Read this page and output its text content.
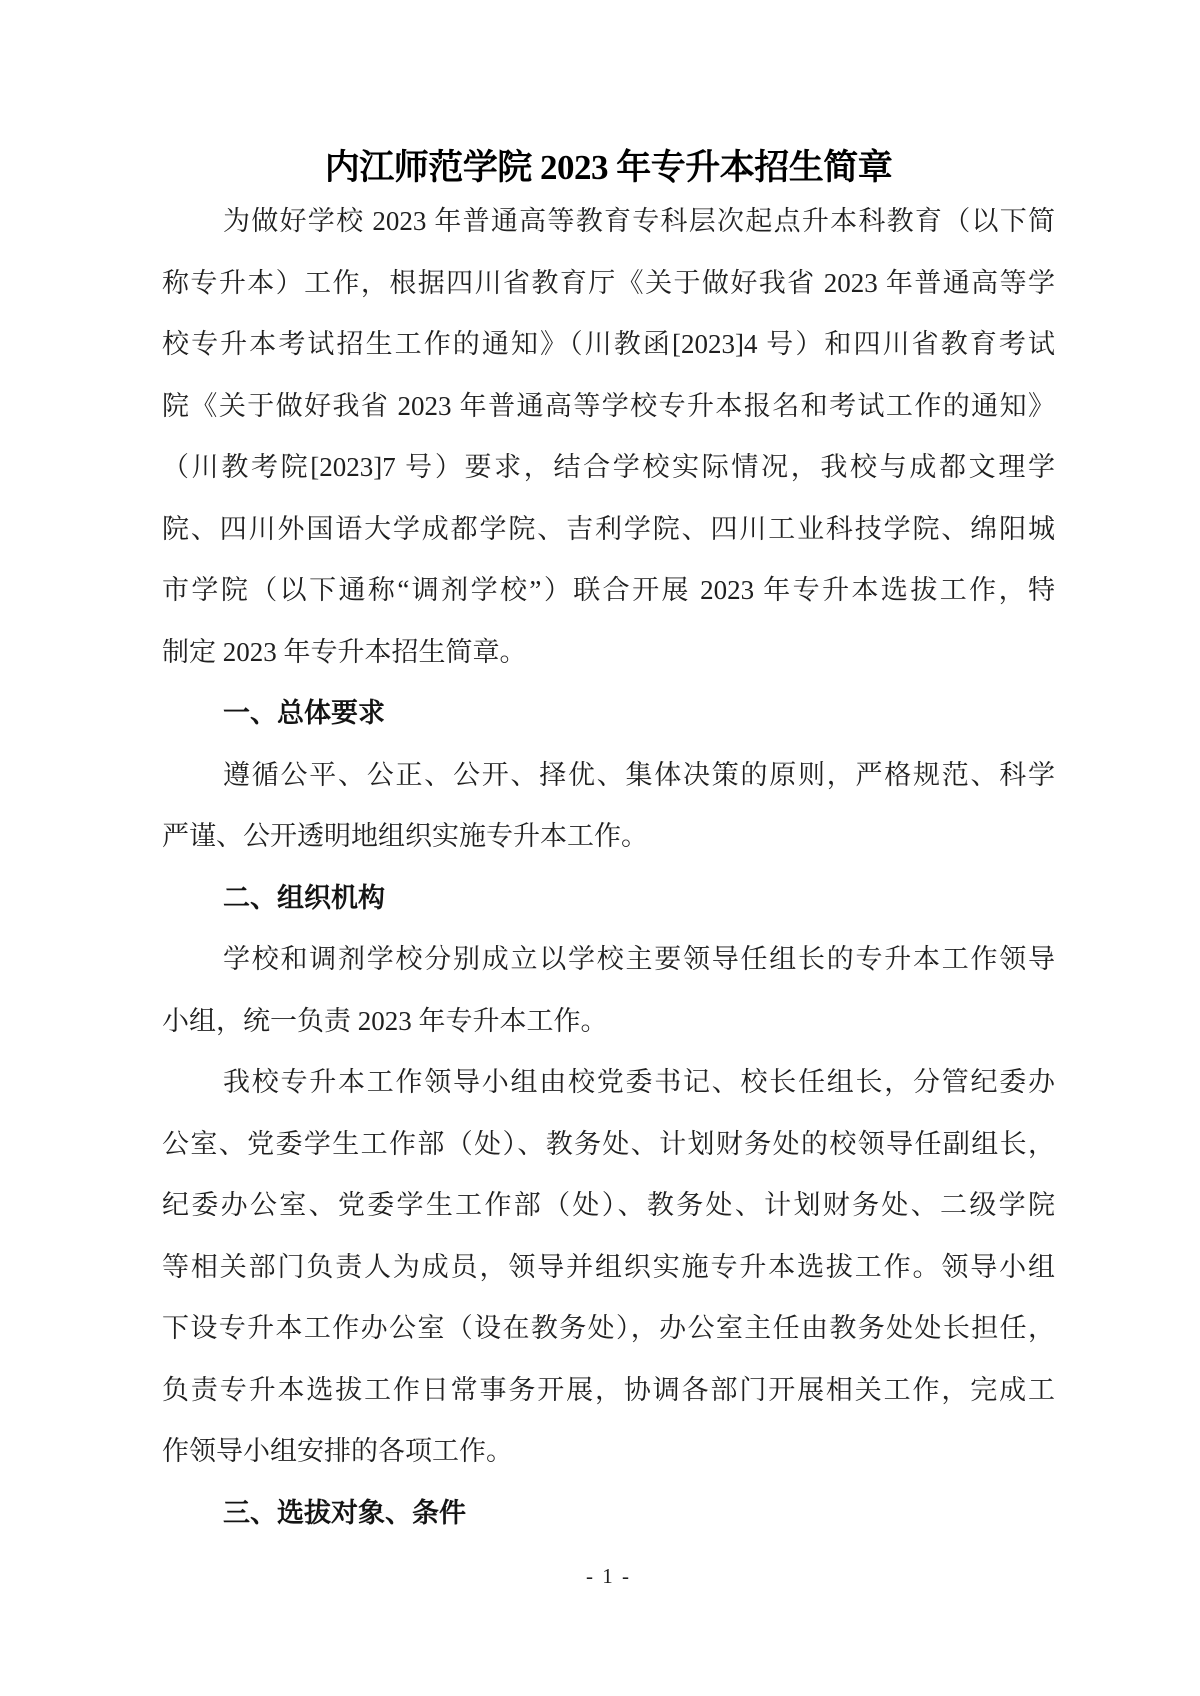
内江师范学院 2023 年专升本招生简章
为做好学校 2023 年普通高等教育专科层次起点升本科教育（以下简
称专升本）工作，根据四川省教育厅《关于做好我省 2023 年普通高等学
校专升本考试招生工作的通知》（川教函[2023]4 号）和四川省教育考试
院《关于做好我省 2023 年普通高等学校专升本报名和考试工作的通知》
（川教考院[2023]7 号）要求，结合学校实际情况，我校与成都文理学
院、四川外国语大学成都学院、吉利学院、四川工业科技学院、绵阳城
市学院（以下通称“调剂学校”）联合开展 2023 年专升本选拔工作，特
制定 2023 年专升本招生简章。
一、总体要求
遵循公平、公正、公开、择优、集体决策的原则，严格规范、科学
严谨、公开透明地组织实施专升本工作。
二、组织机构
学校和调剂学校分别成立以学校主要领导任组长的专升本工作领导
小组，统一负责 2023 年专升本工作。
我校专升本工作领导小组由校党委书记、校长任组长，分管纪委办
公室、党委学生工作部（处）、教务处、计划财务处的校领导任副组长，
纪委办公室、党委学生工作部（处）、教务处、计划财务处、二级学院
等相关部门负责人为成员，领导并组织实施专升本选拔工作。领导小组
下设专升本工作办公室（设在教务处），办公室主任由教务处处长担任，
负责专升本选拔工作日常事务开展，协调各部门开展相关工作，完成工
作领导小组安排的各项工作。
三、选拔对象、条件
- 1 -
